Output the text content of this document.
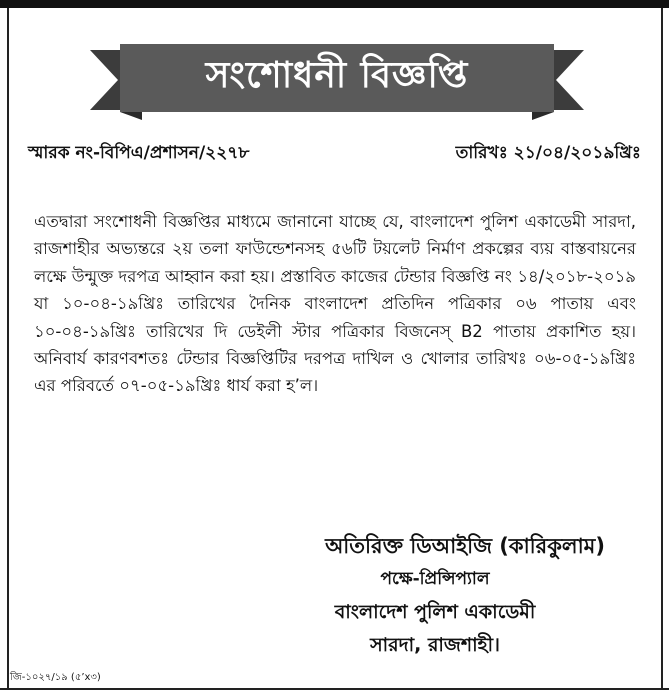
সংশোধনী বিজ্ঞপ্তি
স্মারক নং-বিপিএ/প্রশাসন/২২৭৮	তারিখঃ ২১/০৪/২০১৯খ্রিঃ
এতদ্বারা সংশোধনী বিজ্ঞপ্তির মাধ্যমে জানানো যাচ্ছে যে, বাংলাদেশ পুলিশ একাডেমী সারদা, রাজশাহীর অভ্যন্তরে ২য় তলা ফাউন্ডেশনসহ ৫৬টি টয়লেট নির্মাণ প্রকল্পের ব্যয় বাস্তবায়নের লক্ষে উন্মুক্ত দরপত্র আহ্বান করা হয়। প্রস্তাবিত কাজের টেন্ডার বিজ্ঞপ্তি নং ১৪/২০১৮-২০১৯ যা ১০-০৪-১৯খ্রিঃ তারিখের দৈনিক বাংলাদেশ প্রতিদিন পত্রিকার ০৬ পাতায় এবং ১০-০৪-১৯খ্রিঃ তারিখের দি ডেইলী স্টার পত্রিকার বিজনেস্ B2 পাতায় প্রকাশিত হয়। অনিবার্য কারণবশতঃ টেন্ডার বিজ্ঞপ্তিটির দরপত্র দাখিল ও খোলার তারিখঃ ০৬-০৫-১৯খ্রিঃ এর পরিবর্তে ০৭-০৫-১৯খ্রিঃ ধার্য করা হ’ল।
অতিরিক্ত ডিআইজি (কারিকুলাম)
পক্ষে-প্রিন্সিপ্যাল
বাংলাদেশ পুলিশ একাডেমী
সারদা, রাজশাহী।
জি-১০২৭/১৯ (৫’x৩)
